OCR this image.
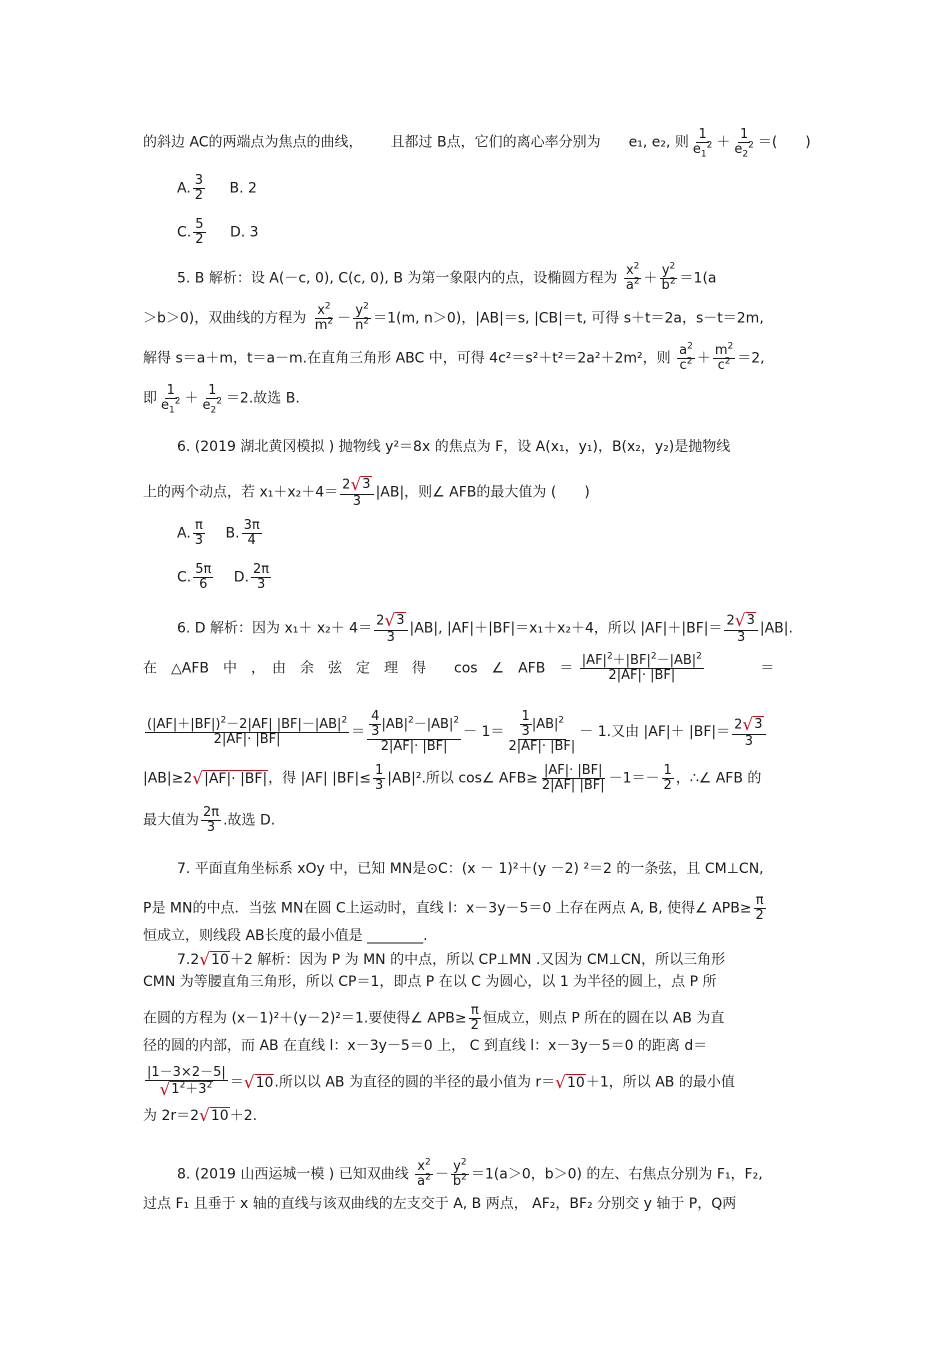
的斜边 AC的两端点为焦点的曲线， 且都过 B点，它们的离心率分别为 e₁, e₂, 则 $\frac{1}{e_1^2} + \frac{1}{e_2^2}$ ＝(　　)
A. $\frac{3}{2} B$. 2
C. $\frac{5}{2} D$. 3
5. B 解析：设 A(－c, 0), C(c, 0), B 为第一象限内的点，设椭圆方程为 $\frac{x^2}{a^2} + \frac{y^2}{b^2} =1(a$
＞b＞0)，双曲线的方程为 $\frac{x^2}{m^2} - \frac{y^2}{n^2} =1(m$, n＞0)，|AB|＝s, |CB|＝t, 可得 s＋t＝2a，s－t＝2m,
解得 s＝a＋m，t＝a－m.在直角三角形 ABC 中，可得 4c²＝s²＋t²＝2a²＋2m²，则 $\frac{a^2}{c^2} + \frac{m^2}{c^2} =2$,
即 $\frac{1}{e_1^2} + \frac{1}{e_2^2} =2$.故选 B.
6. (2019 湖北黄冈模拟 ) 抛物线 y²＝8x 的焦点为 F，设 A(x₁，y₁)，B(x₂，y₂)是抛物线
上的两个动点，若 $x_1+x_2+4= \frac{2 √ 3}{3} |AB|$，则∠ AFB的最大值为 (　　)
A. $\frac{\pi}{3} B$. $\frac{3\pi}{4}$
C. $\frac{5\pi}{6} D$. $\frac{2\pi}{3}$
6. D 解析：因为 $x_1+ x_2+ 4= \frac{2 √ 3}{3} |AB|$, |AF|＋|BF|＝x₁＋x₂＋4，所以 $|AF|+|BF|= \frac{2 √ 3}{3} |AB|$.
在　△AFB　中　，　由　余　弦　定　理　得　　cos　∠　AFB　＝ $\frac{|AF|^2+|BF|^2-|AB|^2}{2|AF|\cdot |BF|}$	＝
$\frac{(|AF|+|BF|)^2-2|AF| |BF|-|AB|^2}{2|AF|\cdot |BF|} = \frac{\frac{4}{3} |AB|^2-|AB|^2}{2|AF|\cdot |BF|} - 1= \frac{\frac{1}{3} |AB|^2}{2|AF|\cdot |BF|} - 1$.又由 $|AF|+ |BF|= \frac{2 √ 3}{3}$
|AB|≥2 √ |AF|· |BF| ，得 |AF| $|BF|\le \frac{1}{3} |AB|^2$.所以 cos∠ $AFB\ge \frac{|AF|\cdot |BF|}{2|AF| |BF|} -1=- \frac{1}{2}$ ，∴∠ AFB 的
最大值为 $\frac{2\pi}{3}$ .故选 D.
7. 平面直角坐标系 xOy 中，已知 MN是⊙C：(x － 1)²＋(y －2) ²＝2 的一条弦，且 CM⊥CN,
P是 MN的中点．当弦 MN在圆 C上运动时，直线 l：x－3y－5＝0 上存在两点 A, B, 使得∠ $APB\ge \frac{\pi}{2}$
恒成立，则线段 AB长度的最小值是 ________.
7.2 √ 10 ＋2 解析：因为 P 为 MN 的中点，所以 CP⊥MN .又因为 CM⊥CN，所以三角形
CMN 为等腰直角三角形，所以 CP＝1，即点 P 在以 C 为圆心，以 1 为半径的圆上，点 P 所
在圆的方程为 (x－1)²＋(y－2)²＝1.要使得∠ $APB\ge \frac{\pi}{2}$ 恒成立，则点 P 所在的圆在以 AB 为直
径的圆的内部，而 AB 在直线 l：x－3y－5＝0 上， C 到直线 l：x－3y－5＝0 的距离 d＝
$\frac{|1-3\times 2-5|}{√ 1^2+3^2}$ ＝ √ 10 .所以以 AB 为直径的圆的半径的最小值为 r＝ √ 10 ＋1，所以 AB 的最小值
为 2r＝2 √ 10 ＋2.
8. (2019 山西运城一模 ) 已知双曲线 $\frac{x^2}{a^2} - \frac{y^2}{b^2} =1(a>0$，b＞0) 的左、右焦点分别为 F₁，F₂,
过点 F₁ 且垂于 x 轴的直线与该双曲线的左支交于 A, B 两点， AF₂，BF₂ 分别交 y 轴于 P，Q两
